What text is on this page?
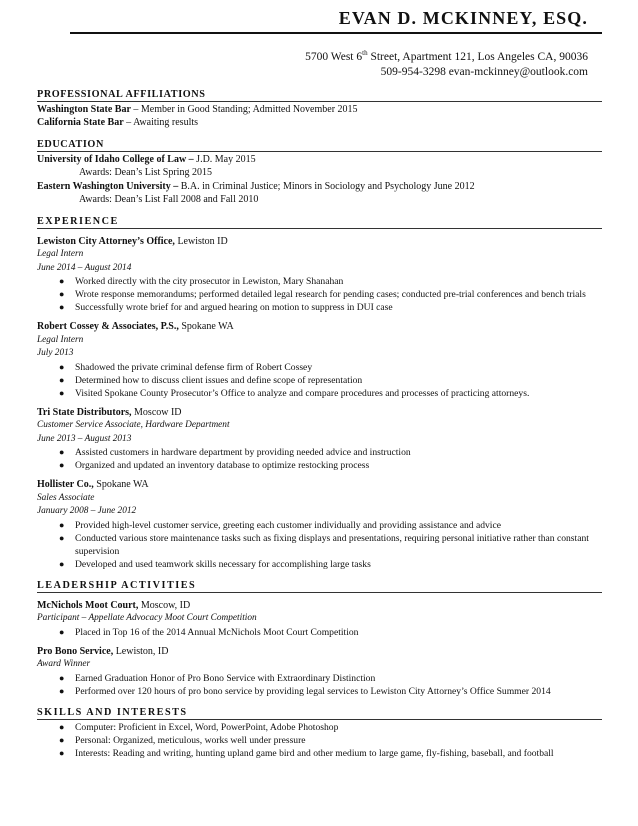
EVAN D. MCKINNEY, ESQ.
5700 West 6th Street, Apartment 121, Los Angeles CA, 90036
509-954-3298 evan-mckinney@outlook.com
PROFESSIONAL AFFILIATIONS
Washington State Bar – Member in Good Standing; Admitted November 2015
California State Bar – Awaiting results
EDUCATION
University of Idaho College of Law – J.D. May 2015
Awards: Dean’s List Spring 2015
Eastern Washington University – B.A. in Criminal Justice; Minors in Sociology and Psychology June 2012
Awards: Dean’s List Fall 2008 and Fall 2010
EXPERIENCE
Lewiston City Attorney’s Office, Lewiston ID
Legal Intern
June 2014 – August 2014
● Worked directly with the city prosecutor in Lewiston, Mary Shanahan
● Wrote response memorandums; performed detailed legal research for pending cases; conducted pre-trial conferences and bench trials
● Successfully wrote brief for and argued hearing on motion to suppress in DUI case
Robert Cossey & Associates, P.S., Spokane WA
Legal Intern
July 2013
● Shadowed the private criminal defense firm of Robert Cossey
● Determined how to discuss client issues and define scope of representation
● Visited Spokane County Prosecutor’s Office to analyze and compare procedures and processes of practicing attorneys.
Tri State Distributors, Moscow ID
Customer Service Associate, Hardware Department
June 2013 – August 2013
● Assisted customers in hardware department by providing needed advice and instruction
● Organized and updated an inventory database to optimize restocking process
Hollister Co., Spokane WA
Sales Associate
January 2008 – June 2012
● Provided high-level customer service, greeting each customer individually and providing assistance and advice
● Conducted various store maintenance tasks such as fixing displays and presentations, requiring personal initiative rather than constant supervision
● Developed and used teamwork skills necessary for accomplishing large tasks
LEADERSHIP ACTIVITIES
McNichols Moot Court, Moscow, ID
Participant – Appellate Advocacy Moot Court Competition
● Placed in Top 16 of the 2014 Annual McNichols Moot Court Competition
Pro Bono Service, Lewiston, ID
Award Winner
● Earned Graduation Honor of Pro Bono Service with Extraordinary Distinction
● Performed over 120 hours of pro bono service by providing legal services to Lewiston City Attorney’s Office Summer 2014
SKILLS AND INTERESTS
● Computer: Proficient in Excel, Word, PowerPoint, Adobe Photoshop
● Personal: Organized, meticulous, works well under pressure
● Interests: Reading and writing, hunting upland game bird and other medium to large game, fly-fishing, baseball, and football
